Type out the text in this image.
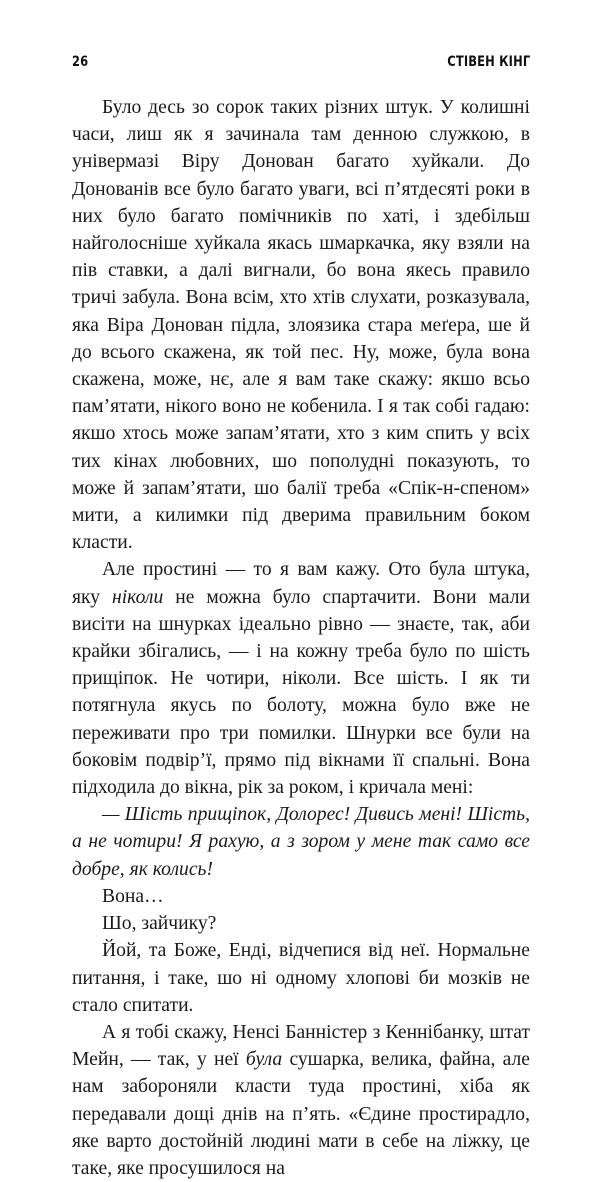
26	СТІВЕН КІНГ

Було десь зо сорок таких різних штук. У колишні часи, лиш як я зачинала там денною служкою, в універмазі Віру Донован багато хуйкали. До Донованів все було багато уваги, всі п’ятдесяті роки в них було багато помічників по хаті, і здебільш найголосніше хуйкала якась шмаркачка, яку взяли на пів ставки, а далі вигнали, бо вона якесь правило тричі забула. Вона всім, хто хтів слухати, розказувала, яка Віра Донован підла, злоязика стара меґера, ше й до всього скажена, як той пес. Ну, може, була вона скажена, може, нє, але я вам таке скажу: якшо всьо пам’ятати, нікого воно не кобенила. І я так собі гадаю: якшо хтось може запам’ятати, хто з ким спить у всіх тих кінах любовних, шо пополудні показують, то може й запам’ятати, шо балії треба «Спік-н-спеном» мити, а килимки під дверима правильним боком класти.

Але простині — то я вам кажу. Ото була штука, яку ніколи не можна було спартачити. Вони мали висіти на шнурках ідеально рівно — знаєте, так, аби крайки збігались, — і на кожну треба було по шість прищіпок. Не чотири, ніколи. Все шість. І як ти потягнула якусь по болоту, можна було вже не переживати про три помилки. Шнурки все були на боковім подвір’ї, прямо під вікнами її спальні. Вона підходила до вікна, рік за роком, і кричала мені:

— Шість прищіпок, Долорес! Дивись мені! Шість, а не чотири! Я рахую, а з зором у мене так само все добре, як колись!

Вона…

Шо, зайчику?

Йой, та Боже, Енді, відчепися від неї. Нормальне питання, і таке, шо ні одному хлопові би мозків не стало спитати.

А я тобі скажу, Ненсі Банністер з Кеннібанку, штат Мейн, — так, у неї була сушарка, велика, файна, але нам забороняли класти туда простині, хіба як передавали дощі днів на п’ять. «Єдине простирадло, яке варто достойній людині мати в себе на ліжку, це таке, яке просушилося на
